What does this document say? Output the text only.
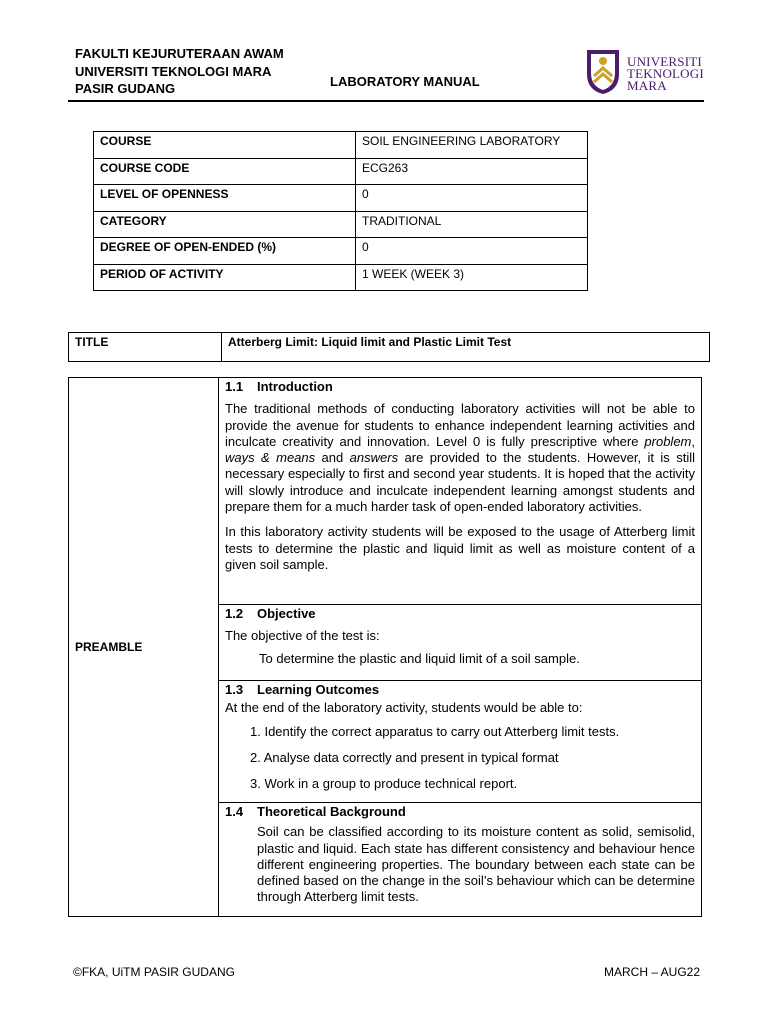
FAKULTI KEJURUTERAAN AWAM
UNIVERSITI TEKNOLOGI MARA
PASIR GUDANG	LABORATORY MANUAL
UNIVERSITI
TEKNOLOGI
MARA
COURSE	SOIL ENGINEERING LABORATORY
COURSE CODE	ECG263
LEVEL OF OPENNESS	0
CATEGORY	TRADITIONAL
DEGREE OF OPEN-ENDED (%)	0
PERIOD OF ACTIVITY	1 WEEK (WEEK 3)
TITLE	Atterberg Limit: Liquid limit and Plastic Limit Test
PREAMBLE	
1.1 Introduction

The traditional methods of conducting laboratory activities will not be able to provide the avenue for students to enhance independent learning activities and inculcate creativity and innovation. Level 0 is fully prescriptive where problem, ways & means and answers are provided to the students. However, it is still necessary especially to first and second year students. It is hoped that the activity will slowly introduce and inculcate independent learning amongst students and prepare them for a much harder task of open-ended laboratory activities.

In this laboratory activity students will be exposed to the usage of Atterberg limit tests to determine the plastic and liquid limit as well as moisture content of a given soil sample.

1.2 Objective

The objective of the test is:

To determine the plastic and liquid limit of a soil sample.

1.3 Learning Outcomes

At the end of the laboratory activity, students would be able to:

1. Identify the correct apparatus to carry out Atterberg limit tests.
2. Analyse data correctly and present in typical format
3. Work in a group to produce technical report.

1.4 Theoretical Background

Soil can be classified according to its moisture content as solid, semisolid, plastic and liquid. Each state has different consistency and behaviour hence different engineering properties. The boundary between each state can be defined based on the change in the soil’s behaviour which can be determine through Atterberg limit tests.

©FKA, UiTM PASIR GUDANG	MARCH – AUG22
